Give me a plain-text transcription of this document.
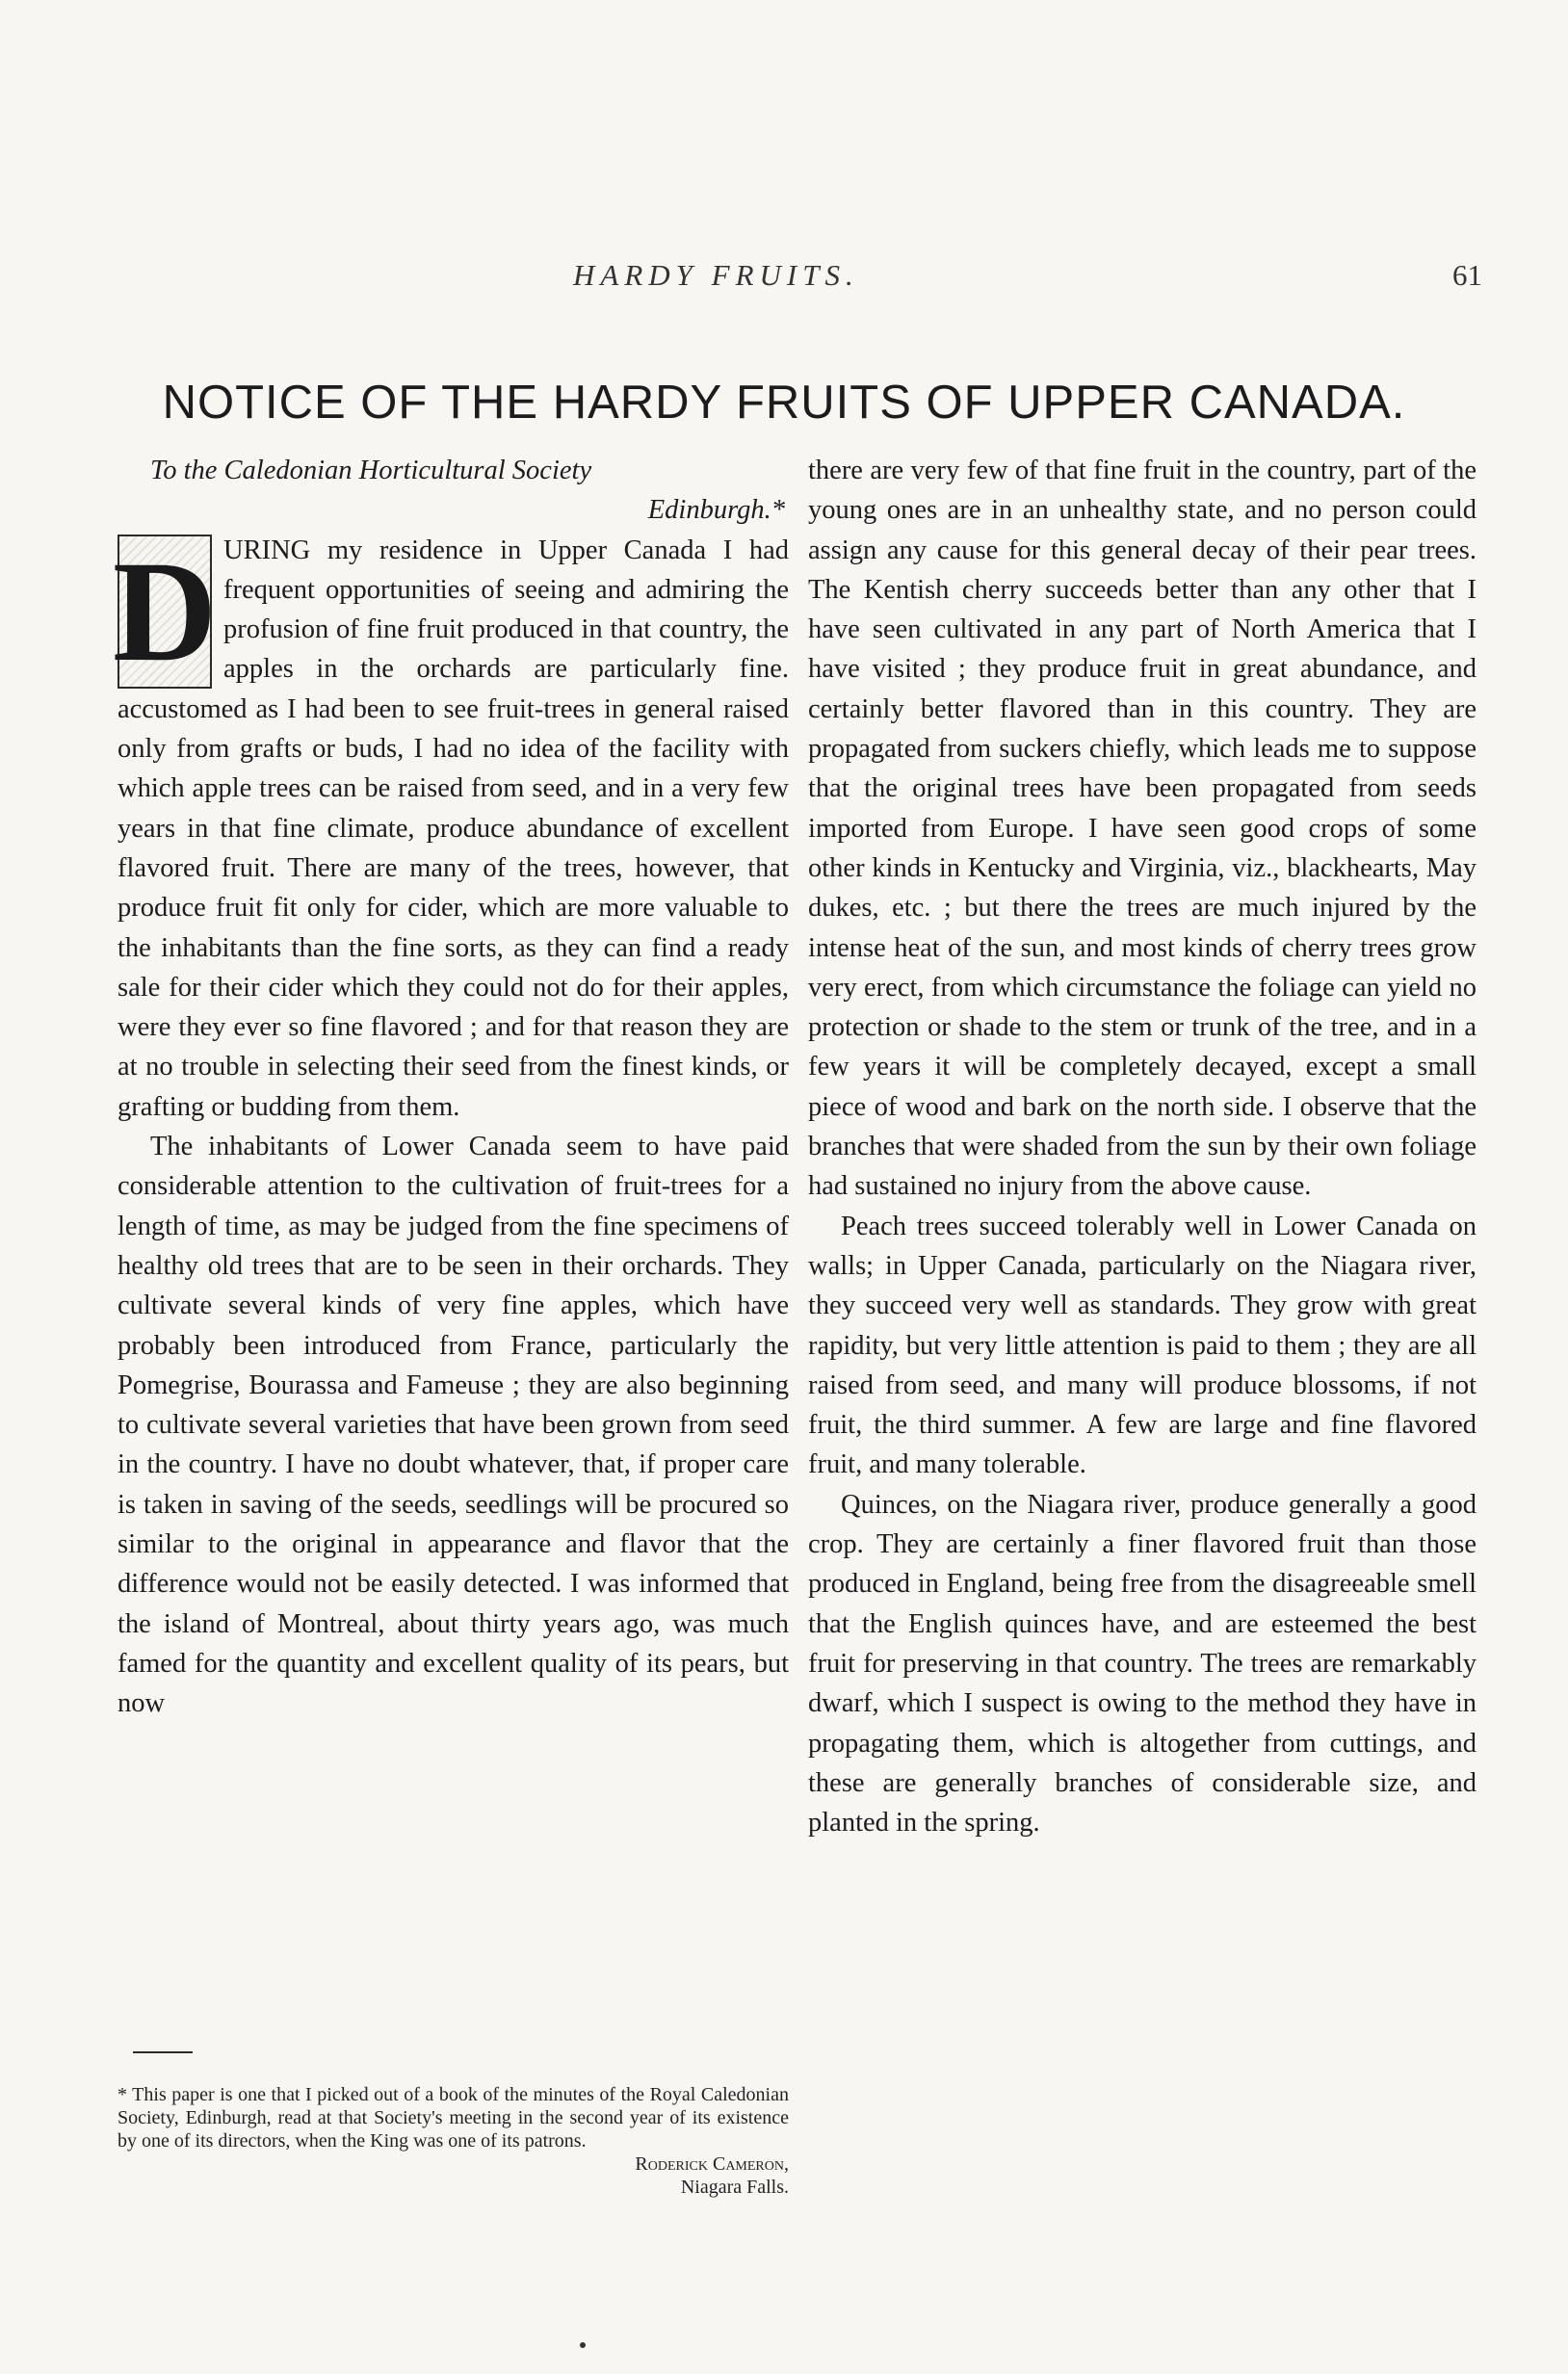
HARDY FRUITS.	61
NOTICE OF THE HARDY FRUITS OF UPPER CANADA.

To the Caledonian Horticultural Society

Edinburgh.*

D URING my residence in Upper Canada I had frequent opportunities of seeing and admiring the profusion of fine fruit produced in that country, the apples in the orchards are particularly fine. accustomed as I had been to see fruit-trees in general raised only from grafts or buds, I had no idea of the facility with which apple trees can be raised from seed, and in a very few years in that fine climate, produce abundance of excellent flavored fruit. There are many of the trees, however, that produce fruit fit only for cider, which are more valuable to the inhabitants than the fine sorts, as they can find a ready sale for their cider which they could not do for their apples, were they ever so fine flavored ; and for that reason they are at no trouble in selecting their seed from the finest kinds, or grafting or budding from them.

The inhabitants of Lower Canada seem to have paid considerable attention to the cultivation of fruit-trees for a length of time, as may be judged from the fine specimens of healthy old trees that are to be seen in their orchards. They cultivate several kinds of very fine apples, which have probably been introduced from France, particularly the Pomegrise, Bourassa and Fameuse ; they are also beginning to cultivate several varieties that have been grown from seed in the country. I have no doubt whatever, that, if proper care is taken in saving of the seeds, seedlings will be procured so similar to the original in appearance and flavor that the difference would not be easily detected. I was informed that the island of Montreal, about thirty years ago, was much famed for the quantity and excellent quality of its pears, but now

there are very few of that fine fruit in the country, part of the young ones are in an unhealthy state, and no person could assign any cause for this general decay of their pear trees. The Kentish cherry succeeds better than any other that I have seen cultivated in any part of North America that I have visited ; they produce fruit in great abundance, and certainly better flavored than in this country. They are propagated from suckers chiefly, which leads me to suppose that the original trees have been propagated from seeds imported from Europe. I have seen good crops of some other kinds in Kentucky and Virginia, viz., blackhearts, May dukes, etc. ; but there the trees are much injured by the intense heat of the sun, and most kinds of cherry trees grow very erect, from which circumstance the foliage can yield no protection or shade to the stem or trunk of the tree, and in a few years it will be completely decayed, except a small piece of wood and bark on the north side. I observe that the branches that were shaded from the sun by their own foliage had sustained no injury from the above cause.

Peach trees succeed tolerably well in Lower Canada on walls; in Upper Canada, particularly on the Niagara river, they succeed very well as standards. They grow with great rapidity, but very little attention is paid to them ; they are all raised from seed, and many will produce blossoms, if not fruit, the third summer. A few are large and fine flavored fruit, and many tolerable.

Quinces, on the Niagara river, produce generally a good crop. They are certainly a finer flavored fruit than those produced in England, being free from the disagreeable smell that the English quinces have, and are esteemed the best fruit for preserving in that country. The trees are remarkably dwarf, which I suspect is owing to the method they have in propagating them, which is altogether from cuttings, and these are generally branches of considerable size, and planted in the spring.

* This paper is one that I picked out of a book of the minutes of the Royal Caledonian Society, Edinburgh, read at that Society's meeting in the second year of its existence by one of its directors, when the King was one of its patrons.

Roderick Cameron,

Niagara Falls.
